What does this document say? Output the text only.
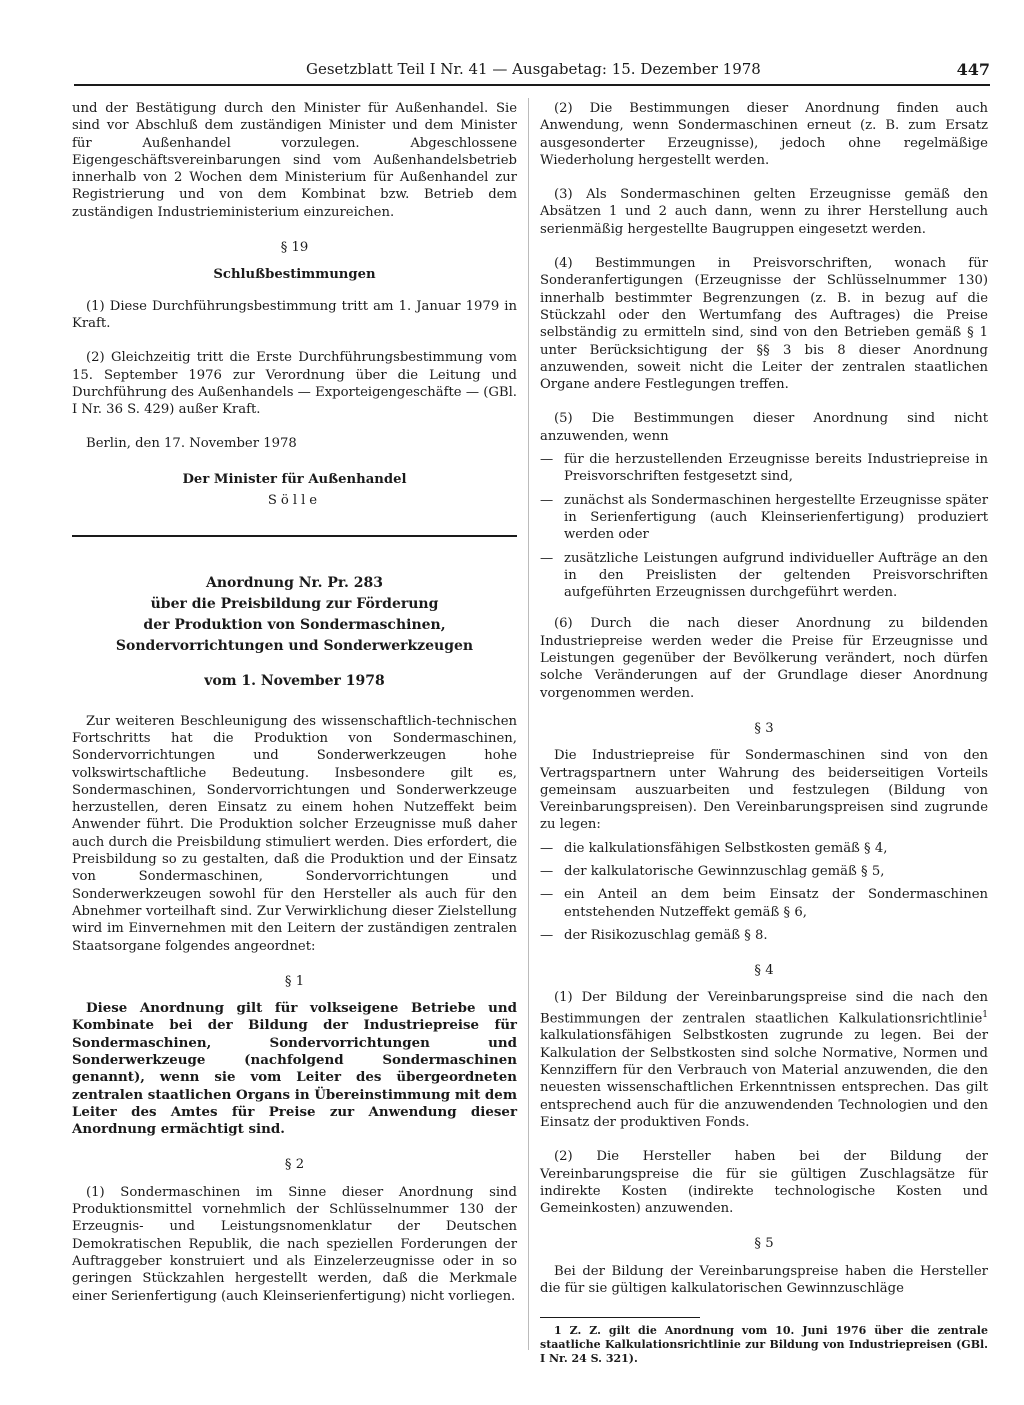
Gesetzblatt Teil I Nr. 41 — Ausgabetag: 15. Dezember 1978	447

und der Bestätigung durch den Minister für Außenhandel. Sie sind vor Abschluß dem zuständigen Minister und dem Minister für Außenhandel vorzulegen. Abgeschlossene Eigengeschäftsvereinbarungen sind vom Außenhandelsbetrieb innerhalb von 2 Wochen dem Ministerium für Außenhandel zur Registrierung und von dem Kombinat bzw. Betrieb dem zuständigen Industrieministerium einzureichen.

§ 19
Schlußbestimmungen

(1) Diese Durchführungsbestimmung tritt am 1. Januar 1979 in Kraft.

(2) Gleichzeitig tritt die Erste Durchführungsbestimmung vom 15. September 1976 zur Verordnung über die Leitung und Durchführung des Außenhandels — Exporteigengeschäfte — (GBl. I Nr. 36 S. 429) außer Kraft.

Berlin, den 17. November 1978
Der Minister für Außenhandel
Sölle
Anordnung Nr. Pr. 283
über die Preisbildung zur Förderung
der Produktion von Sondermaschinen,
Sondervorrichtungen und Sonderwerkzeugen
vom 1. November 1978

Zur weiteren Beschleunigung des wissenschaftlich-technischen Fortschritts hat die Produktion von Sondermaschinen, Sondervorrichtungen und Sonderwerkzeugen hohe volkswirtschaftliche Bedeutung. Insbesondere gilt es, Sondermaschinen, Sondervorrichtungen und Sonderwerkzeuge herzustellen, deren Einsatz zu einem hohen Nutzeffekt beim Anwender führt. Die Produktion solcher Erzeugnisse muß daher auch durch die Preisbildung stimuliert werden. Dies erfordert, die Preisbildung so zu gestalten, daß die Produktion und der Einsatz von Sondermaschinen, Sondervorrichtungen und Sonderwerkzeugen sowohl für den Hersteller als auch für den Abnehmer vorteilhaft sind. Zur Verwirklichung dieser Zielstellung wird im Einvernehmen mit den Leitern der zuständigen zentralen Staatsorgane folgendes angeordnet:

§ 1

Diese Anordnung gilt für volkseigene Betriebe und Kombinate bei der Bildung der Industriepreise für Sondermaschinen, Sondervorrichtungen und Sonderwerkzeuge (nachfolgend Sondermaschinen genannt), wenn sie vom Leiter des übergeordneten zentralen staatlichen Organs in Übereinstimmung mit dem Leiter des Amtes für Preise zur Anwendung dieser Anordnung ermächtigt sind.

§ 2

(1) Sondermaschinen im Sinne dieser Anordnung sind Produktionsmittel vornehmlich der Schlüsselnummer 130 der Erzeugnis- und Leistungsnomenklatur der Deutschen Demokratischen Republik, die nach speziellen Forderungen der Auftraggeber konstruiert und als Einzelerzeugnisse oder in so geringen Stückzahlen hergestellt werden, daß die Merkmale einer Serienfertigung (auch Kleinserienfertigung) nicht vorliegen.

(2) Die Bestimmungen dieser Anordnung finden auch Anwendung, wenn Sondermaschinen erneut (z. B. zum Ersatz ausgesonderter Erzeugnisse), jedoch ohne regelmäßige Wiederholung hergestellt werden.

(3) Als Sondermaschinen gelten Erzeugnisse gemäß den Absätzen 1 und 2 auch dann, wenn zu ihrer Herstellung auch serienmäßig hergestellte Baugruppen eingesetzt werden.

(4) Bestimmungen in Preisvorschriften, wonach für Sonderanfertigungen (Erzeugnisse der Schlüsselnummer 130) innerhalb bestimmter Begrenzungen (z. B. in bezug auf die Stückzahl oder den Wertumfang des Auftrages) die Preise selbständig zu ermitteln sind, sind von den Betrieben gemäß § 1 unter Berücksichtigung der §§ 3 bis 8 dieser Anordnung anzuwenden, soweit nicht die Leiter der zentralen staatlichen Organe andere Festlegungen treffen.

(5) Die Bestimmungen dieser Anordnung sind nicht anzuwenden, wenn

— für die herzustellenden Erzeugnisse bereits Industriepreise in Preisvorschriften festgesetzt sind,
— zunächst als Sondermaschinen hergestellte Erzeugnisse später in Serienfertigung (auch Kleinserienfertigung) produziert werden oder
— zusätzliche Leistungen aufgrund individueller Aufträge an den in den Preislisten der geltenden Preisvorschriften aufgeführten Erzeugnissen durchgeführt werden.

(6) Durch die nach dieser Anordnung zu bildenden Industriepreise werden weder die Preise für Erzeugnisse und Leistungen gegenüber der Bevölkerung verändert, noch dürfen solche Veränderungen auf der Grundlage dieser Anordnung vorgenommen werden.

§ 3

Die Industriepreise für Sondermaschinen sind von den Vertragspartnern unter Wahrung des beiderseitigen Vorteils gemeinsam auszuarbeiten und festzulegen (Bildung von Vereinbarungspreisen). Den Vereinbarungspreisen sind zugrunde zu legen:

— die kalkulationsfähigen Selbstkosten gemäß § 4,
— der kalkulatorische Gewinnzuschlag gemäß § 5,
— ein Anteil an dem beim Einsatz der Sondermaschinen entstehenden Nutzeffekt gemäß § 6,
— der Risikozuschlag gemäß § 8.
§ 4

(1) Der Bildung der Vereinbarungspreise sind die nach den Bestimmungen der zentralen staatlichen Kalkulationsrichtlinie$^1$ kalkulationsfähigen Selbstkosten zugrunde zu legen. Bei der Kalkulation der Selbstkosten sind solche Normative, Normen und Kennziffern für den Verbrauch von Material anzuwenden, die den neuesten wissenschaftlichen Erkenntnissen entsprechen. Das gilt entsprechend auch für die anzuwendenden Technologien und den Einsatz der produktiven Fonds.

(2) Die Hersteller haben bei der Bildung der Vereinbarungspreise die für sie gültigen Zuschlagsätze für indirekte Kosten (indirekte technologische Kosten und Gemeinkosten) anzuwenden.

§ 5

Bei der Bildung der Vereinbarungspreise haben die Hersteller die für sie gültigen kalkulatorischen Gewinnzuschläge

1 Z. Z. gilt die Anordnung vom 10. Juni 1976 über die zentrale staatliche Kalkulationsrichtlinie zur Bildung von Industriepreisen (GBl. I Nr. 24 S. 321).
